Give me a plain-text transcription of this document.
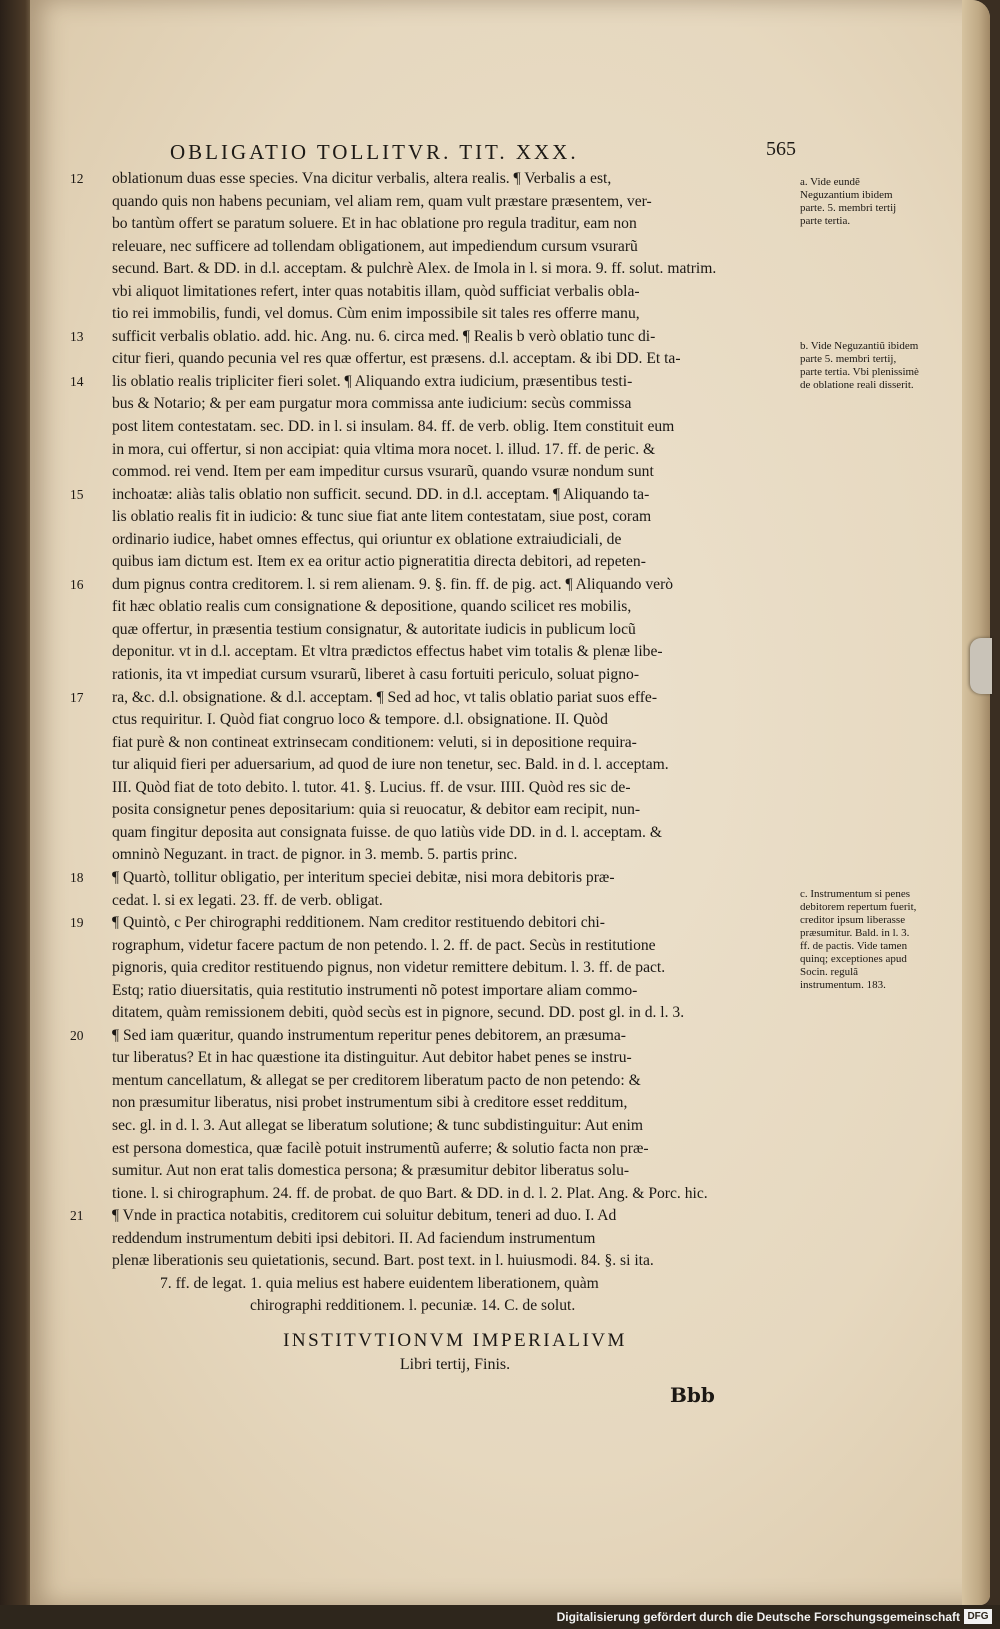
OBLIGATIO TOLLITVR. TIT. XXX.	565
12	oblationum duas esse species. Vna dicitur verbalis, altera realis. ¶ Verbalis a est,
quando quis non habens pecuniam, vel aliam rem, quam vult præstare præsentem, ver-
bo tantùm offert se paratum soluere. Et in hac oblatione pro regula traditur, eam non
releuare, nec sufficere ad tollendam obligationem, aut impediendum cursum vsurarũ
secund. Bart. & DD. in d.l. acceptam. & pulchrè Alex. de Imola in l. si mora. 9. ff. solut. matrim.
vbi aliquot limitationes refert, inter quas notabitis illam, quòd sufficiat verbalis obla-
tio rei immobilis, fundi, vel domus. Cùm enim impossibile sit tales res offerre manu,
13	sufficit verbalis oblatio. add. hic. Ang. nu. 6. circa med. ¶ Realis b verò oblatio tunc di-
citur fieri, quando pecunia vel res quæ offertur, est præsens. d.l. acceptam. & ibi DD. Et ta-
14	lis oblatio realis tripliciter fieri solet. ¶ Aliquando extra iudicium, præsentibus testi-
bus & Notario; & per eam purgatur mora commissa ante iudicium: secùs commissa
post litem contestatam. sec. DD. in l. si insulam. 84. ff. de verb. oblig. Item constituit eum
in mora, cui offertur, si non accipiat: quia vltima mora nocet. l. illud. 17. ff. de peric. &
commod. rei vend. Item per eam impeditur cursus vsurarũ, quando vsuræ nondum sunt
15	inchoatæ: aliàs talis oblatio non sufficit. secund. DD. in d.l. acceptam. ¶ Aliquando ta-
lis oblatio realis fit in iudicio: & tunc siue fiat ante litem contestatam, siue post, coram
ordinario iudice, habet omnes effectus, qui oriuntur ex oblatione extraiudiciali, de
quibus iam dictum est. Item ex ea oritur actio pigneratitia directa debitori, ad repeten-
16	dum pignus contra creditorem. l. si rem alienam. 9. §. fin. ff. de pig. act. ¶ Aliquando verò
fit hæc oblatio realis cum consignatione & depositione, quando scilicet res mobilis,
quæ offertur, in præsentia testium consignatur, & autoritate iudicis in publicum locũ
deponitur. vt in d.l. acceptam. Et vltra prædictos effectus habet vim totalis & plenæ libe-
rationis, ita vt impediat cursum vsurarũ, liberet à casu fortuiti periculo, soluat pigno-
17	ra, &c. d.l. obsignatione. & d.l. acceptam. ¶ Sed ad hoc, vt talis oblatio pariat suos effe-
ctus requiritur. I. Quòd fiat congruo loco & tempore. d.l. obsignatione. II. Quòd
fiat purè & non contineat extrinsecam conditionem: veluti, si in depositione requira-
tur aliquid fieri per aduersarium, ad quod de iure non tenetur, sec. Bald. in d. l. acceptam.
III. Quòd fiat de toto debito. l. tutor. 41. §. Lucius. ff. de vsur. IIII. Quòd res sic de-
posita consignetur penes depositarium: quia si reuocatur, & debitor eam recipit, nun-
quam fingitur deposita aut consignata fuisse. de quo latiùs vide DD. in d. l. acceptam. &
omninò Neguzant. in tract. de pignor. in 3. memb. 5. partis princ.
18	¶ Quartò, tollitur obligatio, per interitum speciei debitæ, nisi mora debitoris præ-
cedat. l. si ex legati. 23. ff. de verb. obligat.
19	¶ Quintò, c Per chirographi redditionem. Nam creditor restituendo debitori chi-
rographum, videtur facere pactum de non petendo. l. 2. ff. de pact. Secùs in restitutione
pignoris, quia creditor restituendo pignus, non videtur remittere debitum. l. 3. ff. de pact.
Estq; ratio diuersitatis, quia restitutio instrumenti nõ potest importare aliam commo-
ditatem, quàm remissionem debiti, quòd secùs est in pignore, secund. DD. post gl. in d. l. 3.
20	¶ Sed iam quæritur, quando instrumentum reperitur penes debitorem, an præsuma-
tur liberatus? Et in hac quæstione ita distinguitur. Aut debitor habet penes se instru-
mentum cancellatum, & allegat se per creditorem liberatum pacto de non petendo: &
non præsumitur liberatus, nisi probet instrumentum sibi à creditore esset redditum,
sec. gl. in d. l. 3. Aut allegat se liberatum solutione; & tunc subdistinguitur: Aut enim
est persona domestica, quæ facilè potuit instrumentũ auferre; & solutio facta non præ-
sumitur. Aut non erat talis domestica persona; & præsumitur debitor liberatus solu-
tione. l. si chirographum. 24. ff. de probat. de quo Bart. & DD. in d. l. 2. Plat. Ang. & Porc. hic.
21	¶ Vnde in practica notabitis, creditorem cui soluitur debitum, teneri ad duo. I. Ad
reddendum instrumentum debiti ipsi debitori. II. Ad faciendum instrumentum
plenæ liberationis seu quietationis, secund. Bart. post text. in l. huiusmodi. 84. §. si ita.
7. ff. de legat. 1. quia melius est habere euidentem liberationem, quàm
chirographi redditionem. l. pecuniæ. 14. C. de solut.
a. Vide eundẽ Neguzantium ibidem parte. 5. membri tertij parte tertia.
b. Vide Neguzantiũ ibidem parte 5. membri tertij, parte tertia. Vbi plenissimè de oblatione reali disserit.
c. Instrumentum si penes debitorem repertum fuerit, creditor ipsum liberasse præsumitur. Bald. in l. 3. ff. de pactis. Vide tamen quinq; exceptiones apud Socin. regulã instrumentum. 183.
INSTITVTIONVM IMPERIALIVM
Libri tertij, Finis.
Bbb
Digitalisierung gefördert durch die Deutsche Forschungsgemeinschaft DFG
